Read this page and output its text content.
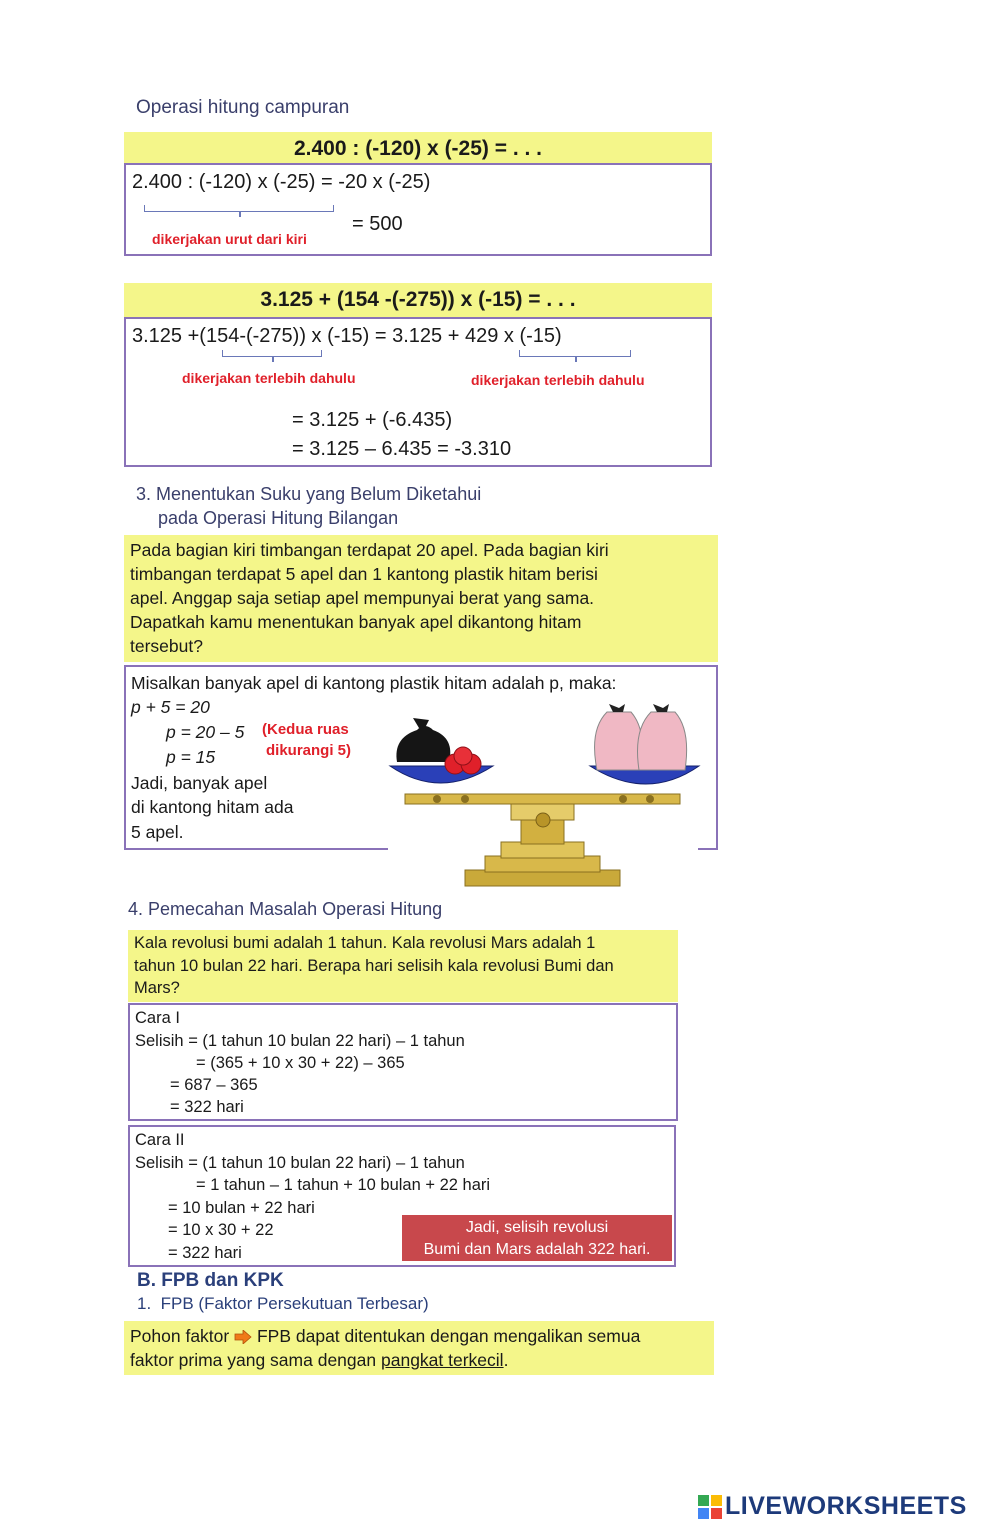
Operasi hitung campuran
2.400 : (-120) x (-25) = . . .
2.400 : (-120) x (-25) = -20 x (-25)
dikerjakan urut dari kiri
= 500
3.125 + (154 -(-275)) x (-15) = . . .
3.125 +(154-(-275)) x (-15) = 3.125 + 429 x (-15)
dikerjakan terlebih dahulu	dikerjakan terlebih dahulu
= 3.125 + (-6.435)
= 3.125 – 6.435 = -3.310
3. Menentukan Suku yang Belum Diketahui
pada Operasi Hitung Bilangan
Pada bagian kiri timbangan terdapat 20 apel. Pada bagian kiri
timbangan terdapat 5 apel dan 1 kantong plastik hitam berisi
apel. Anggap saja setiap apel mempunyai berat yang sama.
Dapatkah kamu menentukan banyak apel dikantong hitam
tersebut?
Misalkan banyak apel di kantong plastik hitam adalah p, maka:
p + 5 = 20
p = 20 – 5
p = 15
(Kedua ruas
dikurangi 5)
Jadi, banyak apel
di kantong hitam ada
5 apel.
4. Pemecahan Masalah Operasi Hitung
Kala revolusi bumi adalah 1 tahun. Kala revolusi Mars adalah 1
tahun 10 bulan 22 hari. Berapa hari selisih kala revolusi Bumi dan
Mars?
Cara I
Selisih = (1 tahun 10 bulan 22 hari) – 1 tahun
= (365 + 10 x 30 + 22) – 365
= 687 – 365
= 322 hari
Cara II
Selisih = (1 tahun 10 bulan 22 hari) – 1 tahun
= 1 tahun – 1 tahun + 10 bulan + 22 hari
= 10 bulan + 22 hari
= 10 x 30 + 22
= 322 hari
Jadi, selisih revolusi
Bumi dan Mars adalah 322 hari.
B. FPB dan KPK
1.  FPB (Faktor Persekutuan Terbesar)
Pohon faktor FPB dapat ditentukan dengan mengalikan semua
faktor prima yang sama dengan pangkat terkecil.
LIVEWORKSHEETS
